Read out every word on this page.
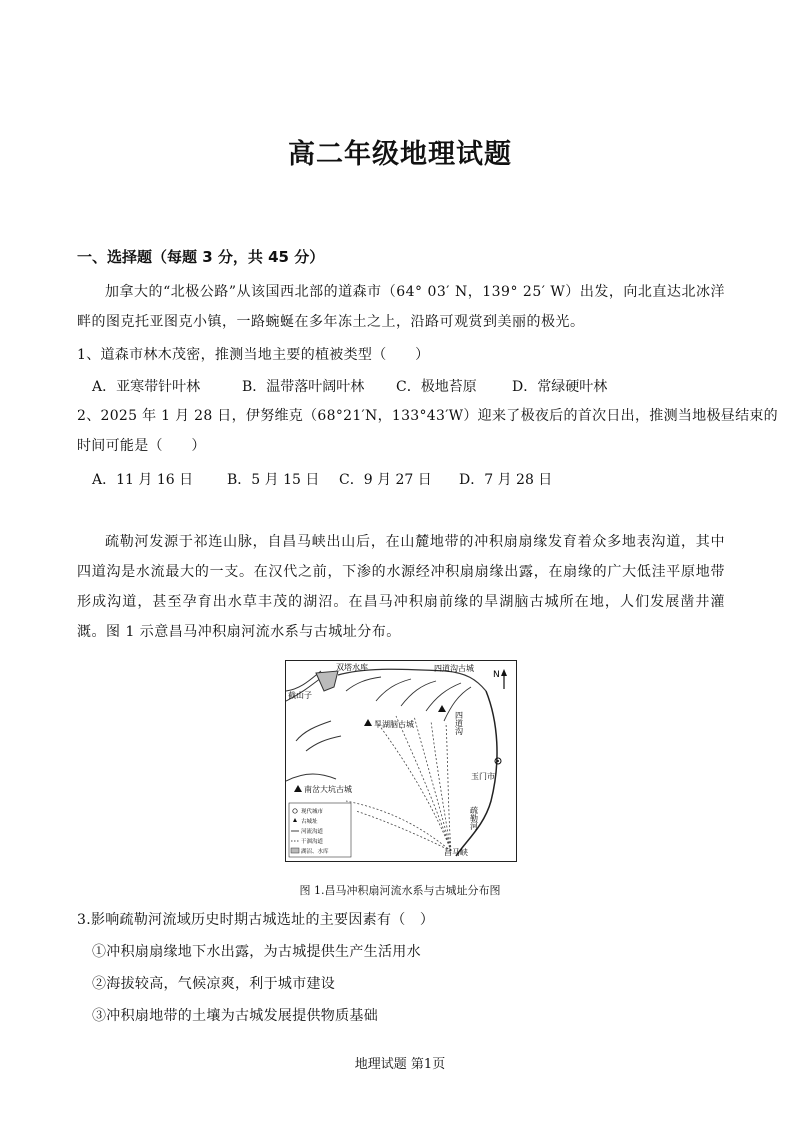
高二年级地理试题
一、选择题（每题 3 分，共 45 分）
加拿大的“北极公路”从该国西北部的道森市（64° 03′ N，139° 25′ W）出发，向北直达北冰洋畔的图克托亚图克小镇，一路蜿蜒在多年冻土之上，沿路可观赏到美丽的极光。
1、道森市林木茂密，推测当地主要的植被类型（　　）
A．亚寒带针叶林	B．温带落叶阔叶林 C．极地苔原	D．常绿硬叶林
2、2025 年 1 月 28 日，伊努维克（68°21′N，133°43′W）迎来了极夜后的首次日出，推测当地极昼结束的
时间可能是（　　）
A．11 月 16 日 B．5 月 15 日 C．9 月 27 日 D．7 月 28 日
疏勒河发源于祁连山脉，自昌马峡出山后，在山麓地带的冲积扇扇缘发育着众多地表沟道，其中四道沟是水流最大的一支。在汉代之前，下渗的水源经冲积扇扇缘出露，在扇缘的广大低洼平原地带形成沟道，甚至孕育出水草丰茂的湖沼。在昌马冲积扇前缘的旱湖脑古城所在地，人们发展凿井灌溉。图 1 示意昌马冲积扇河流水系与古城址分布。
N
双塔水库	四道沟古城
截山子
旱湖脑古城
南岔大坑古城
玉门市
昌马峡
疏勒河
四道沟
现代城市
古城址
河流沟道
干涸沟道
湖沼、水库
图 1.昌马冲积扇河流水系与古城址分布图
3.影响疏勒河流域历史时期古城选址的主要因素有（　）
①冲积扇扇缘地下水出露，为古城提供生产生活用水
②海拔较高，气候凉爽，利于城市建设
③冲积扇地带的土壤为古城发展提供物质基础
地理试题 第1页
